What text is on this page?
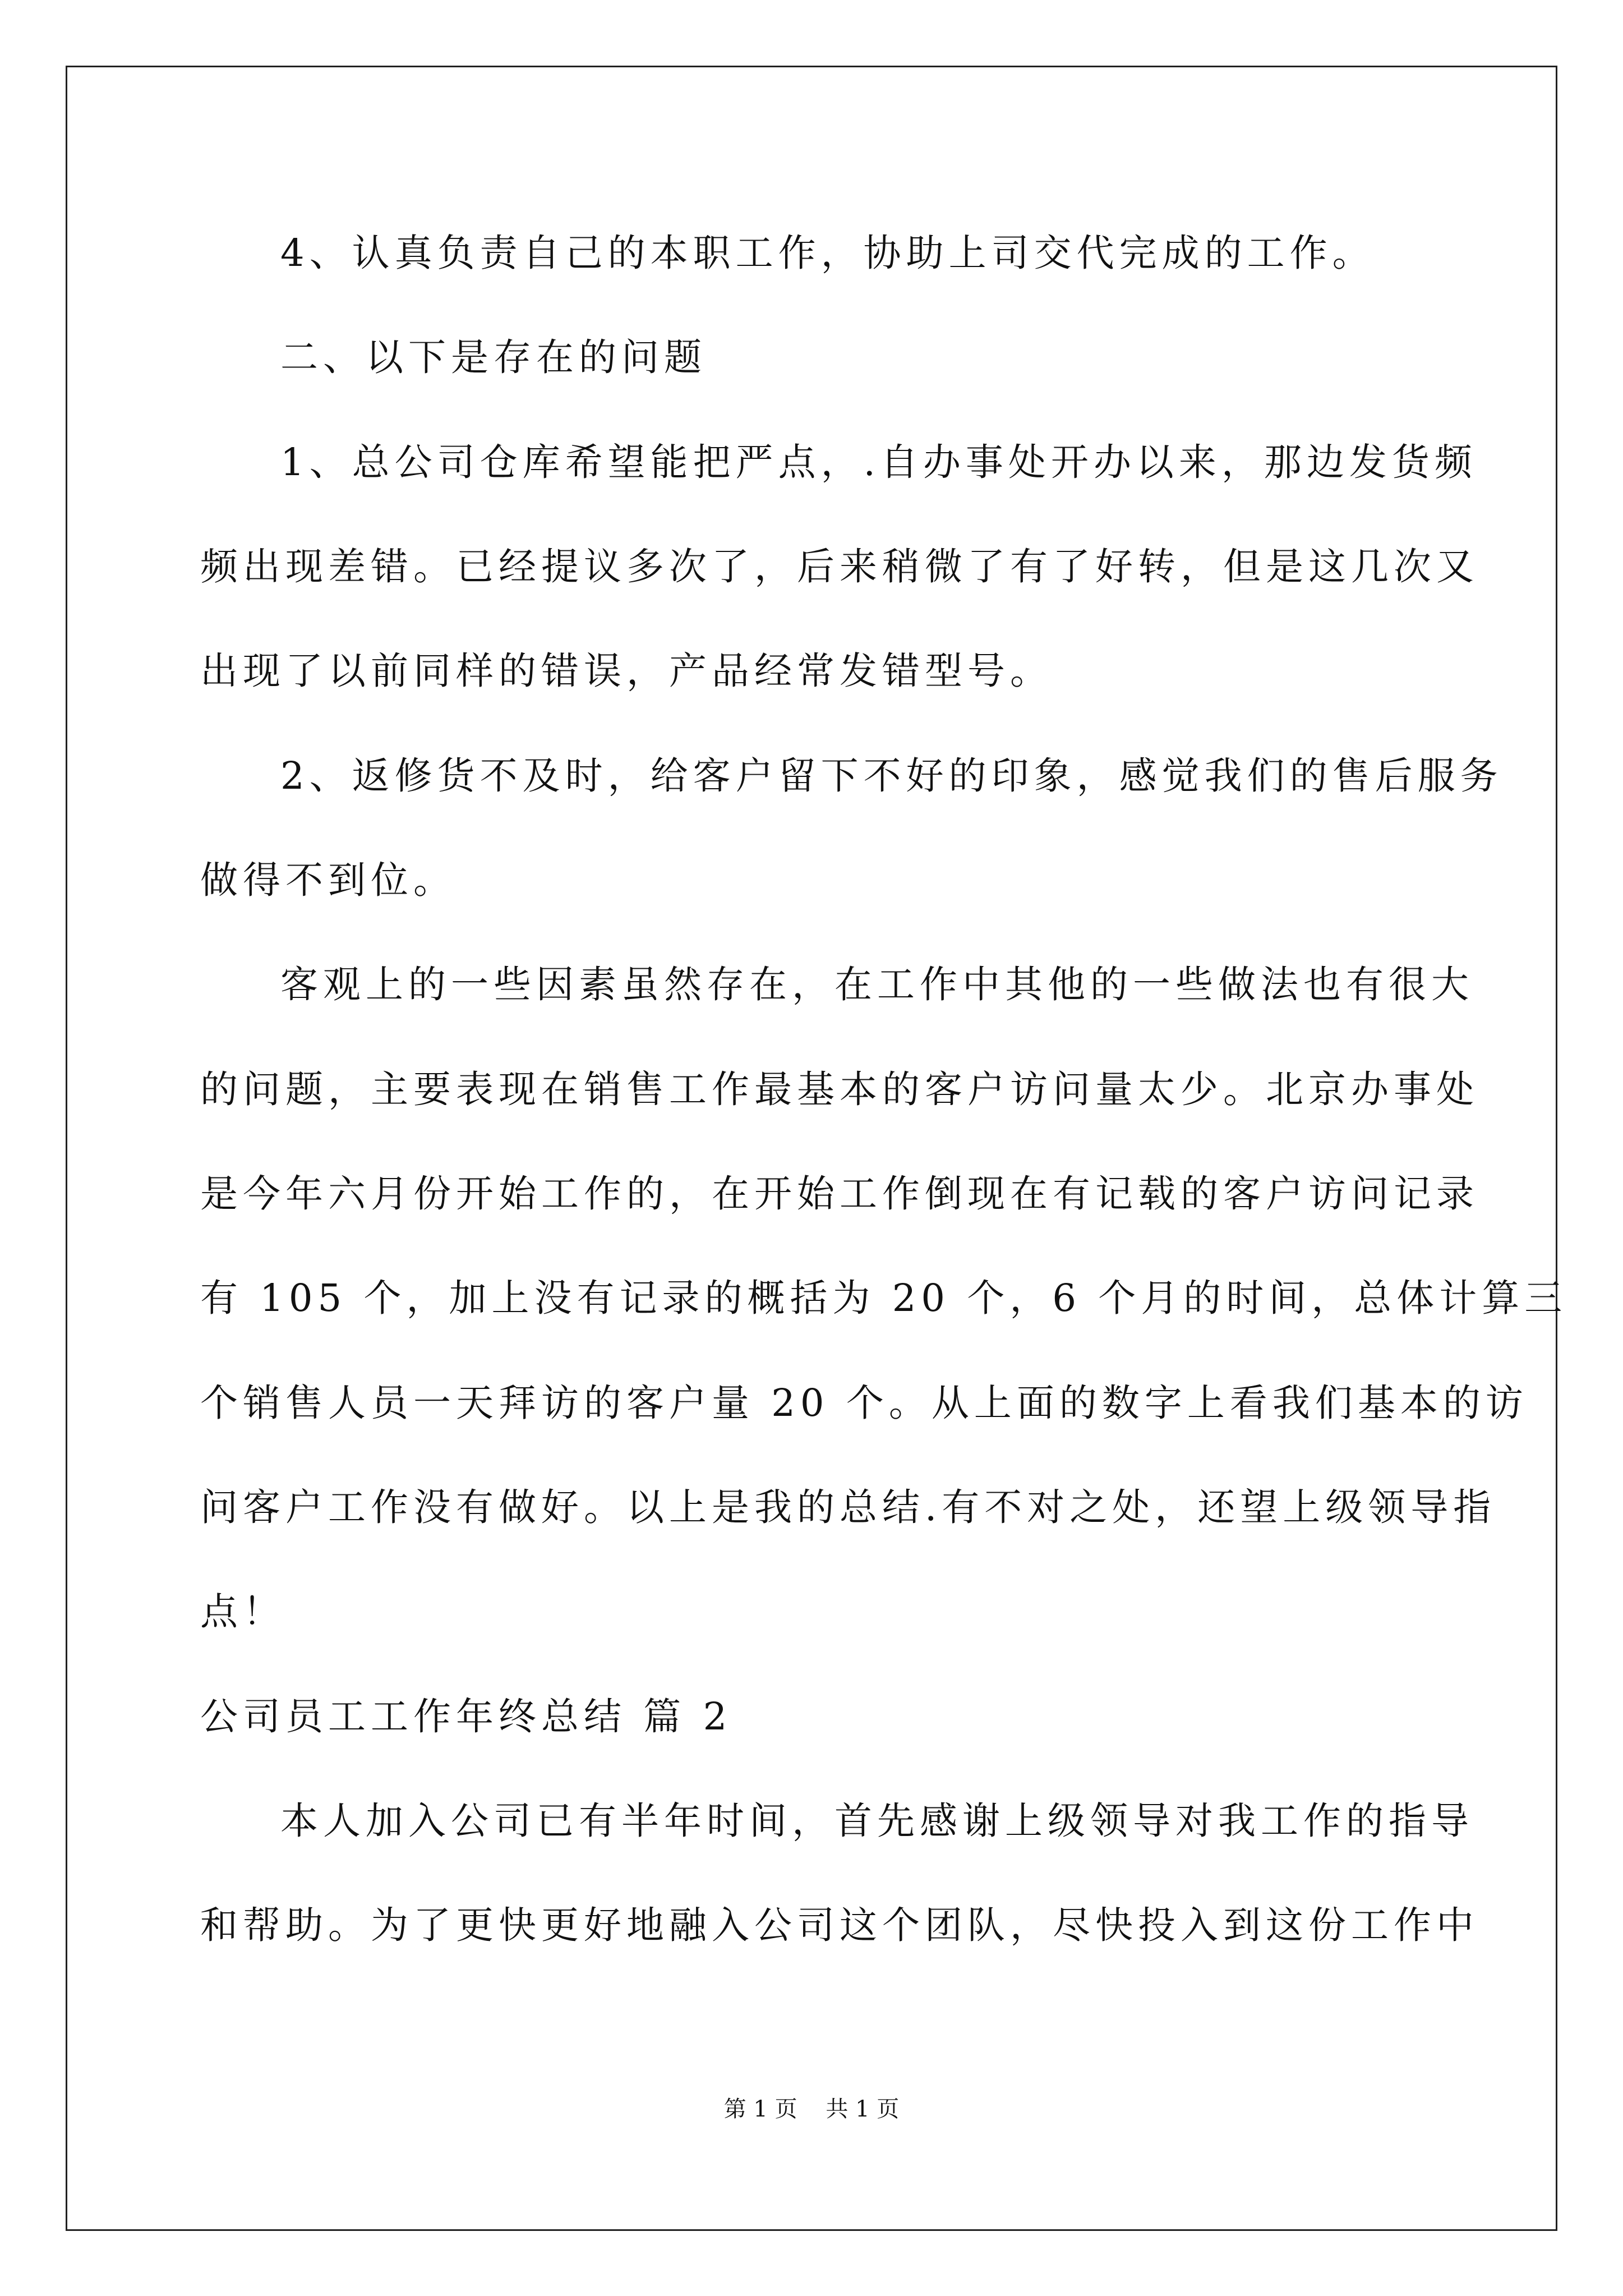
4、认真负责自己的本职工作，协助上司交代完成的工作。
二、以下是存在的问题
1、总公司仓库希望能把严点，.自办事处开办以来，那边发货频
频出现差错。已经提议多次了，后来稍微了有了好转，但是这几次又
出现了以前同样的错误，产品经常发错型号。
2、返修货不及时，给客户留下不好的印象，感觉我们的售后服务
做得不到位。
客观上的一些因素虽然存在，在工作中其他的一些做法也有很大
的问题，主要表现在销售工作最基本的客户访问量太少。北京办事处
是今年六月份开始工作的，在开始工作倒现在有记载的客户访问记录
有 105 个，加上没有记录的概括为 20 个，6 个月的时间，总体计算三
个销售人员一天拜访的客户量 20 个。从上面的数字上看我们基本的访
问客户工作没有做好。以上是我的总结.有不对之处，还望上级领导指
点！
公司员工工作年终总结 篇 2
本人加入公司已有半年时间，首先感谢上级领导对我工作的指导
和帮助。为了更快更好地融入公司这个团队，尽快投入到这份工作中
第 1 页    共 1 页
